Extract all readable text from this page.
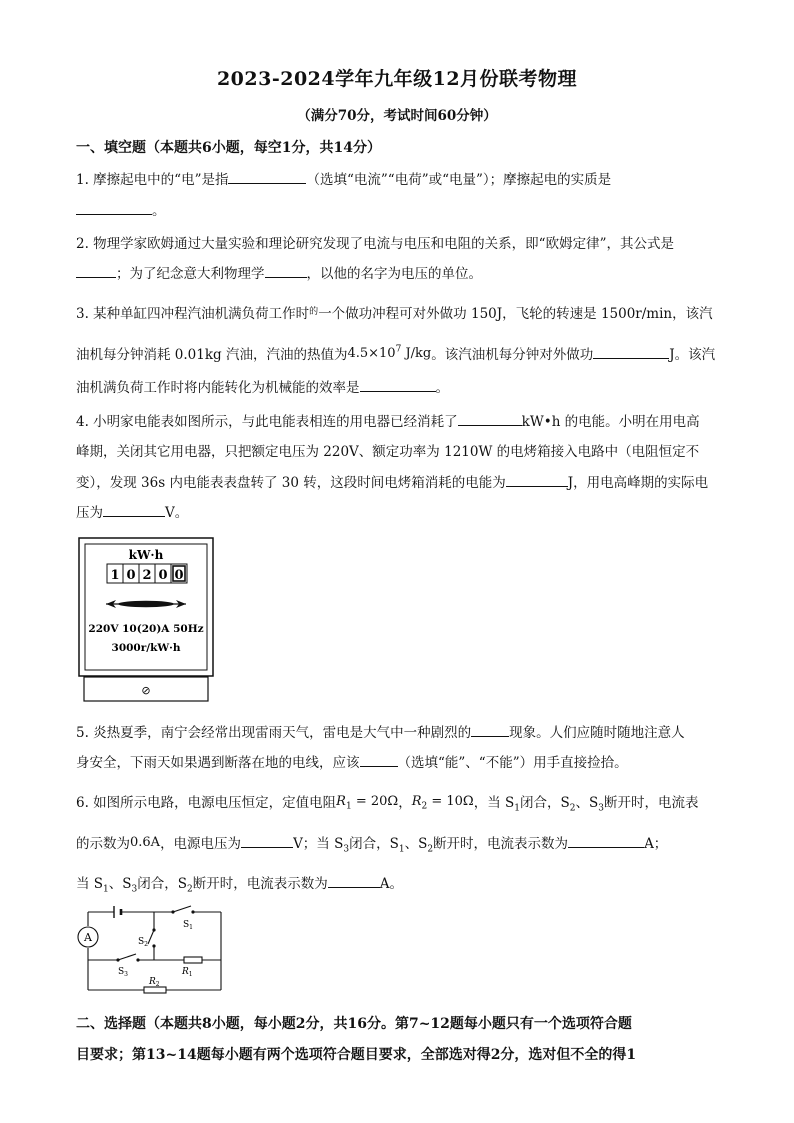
2023-2024学年九年级12月份联考物理
（满分70分，考试时间60分钟）
一、填空题（本题共6小题，每空1分，共14分）
1. 摩擦起电中的“电”是指	（选填“电流”“电荷”或“电量”）；摩擦起电的实质是
。
2. 物理学家欧姆通过大量实验和理论研究发现了电流与电压和电阻的关系，即“欧姆定律”，其公式是
；为了纪念意大利物理学	，以他的名字为电压的单位。
3. 某种单缸四冲程汽油机满负荷工作时$^的$一个做功冲程可对外做功 150J，飞轮的转速是 1500r/min，该汽
油机每分钟消耗 0.01kg 汽油，汽油的热值为$4.5\times 10^7$ J/kg。该汽油机每分钟对外做功	J。该汽
油机满负荷工作时将内能转化为机械能的效率是	。
4. 小明家电能表如图所示，与此电能表相连的用电器已经消耗了	kW•h 的电能。小明在用电高
峰期，关闭其它用电器，只把额定电压为 220V、额定功率为 1210W 的电烤箱接入电路中（电阻恒定不
变），发现 36s 内电能表表盘转了 30 转，这段时间电烤箱消耗的电能为	J，用电高峰期的实际电
压为	V。
kW·h
1 0 2 0 0
220V 10(20)A 50Hz
3000r/kW·h
⊘
5. 炎热夏季，南宁会经常出现雷雨天气，雷电是大气中一种剧烈的	现象。人们应随时随地注意人
身安全，下雨天如果遇到断落在地的电线，应该	（选填“能”、“不能”）用手直接捡拾。
6. 如图所示电路，电源电压恒定，定值电阻$R_1 = 20\Omega$，$R_2 = 10\Omega$，当 $S_1$闭合，$S_2$、$S_3$断开时，电流表
的示数为0.6A，电源电压为	V；当 $S_3$闭合，$S_1$、$S_2$断开时，电流表示数为	A；
当 $S_1$、$S_3$闭合，$S_2$断开时，电流表示数为	A。
A
$S_1$
$S_2$
$S_3$	$R_1$
$R_2$
二、选择题（本题共8小题，每小题2分，共16分。第7~12题每小题只有一个选项符合题
目要求；第13~14题每小题有两个选项符合题目要求，全部选对得2分，选对但不全的得1
